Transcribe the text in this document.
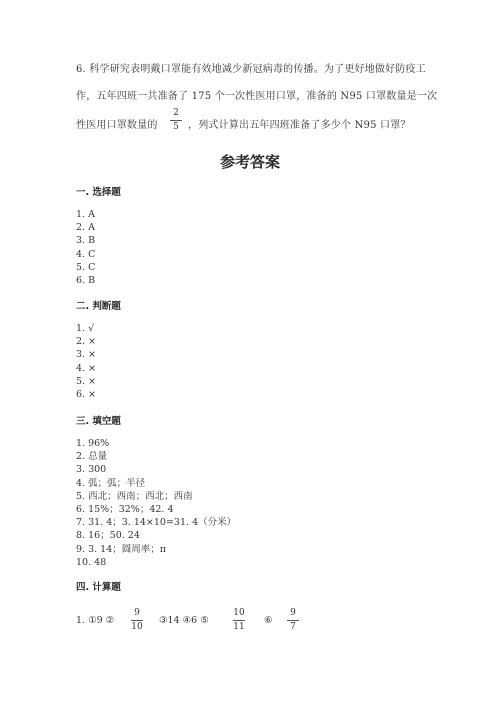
6. 科学研究表明戴口罩能有效地减少新冠病毒的传播。为了更好地做好防疫工
作，五年四班一共准备了 175 个一次性医用口罩，准备的 N95 口罩数量是一次
性医用口罩数量的
2
5 ，列式计算出五年四班准备了多少个 N95 口罩？
参考答案
一. 选择题
1. A
2. A
3. B
4. C
5. C
6. B
二. 判断题
1. √
2. ×
3. ×
4. ×
5. ×
6. ×
三. 填空题
1. 96%
2. 总量
3. 300
4. 弧；弧；半径
5. 西北；西南；西北；西南
6. 15%；32%；42. 4
7. 31. 4；3. 14×10=31. 4（分米）
8. 16；50. 24
9. 3. 14；圆周率；π
10. 48
四. 计算题
1. ①9 ②
9
10
③14 ④6 ⑤
10
11
⑥
9
7
